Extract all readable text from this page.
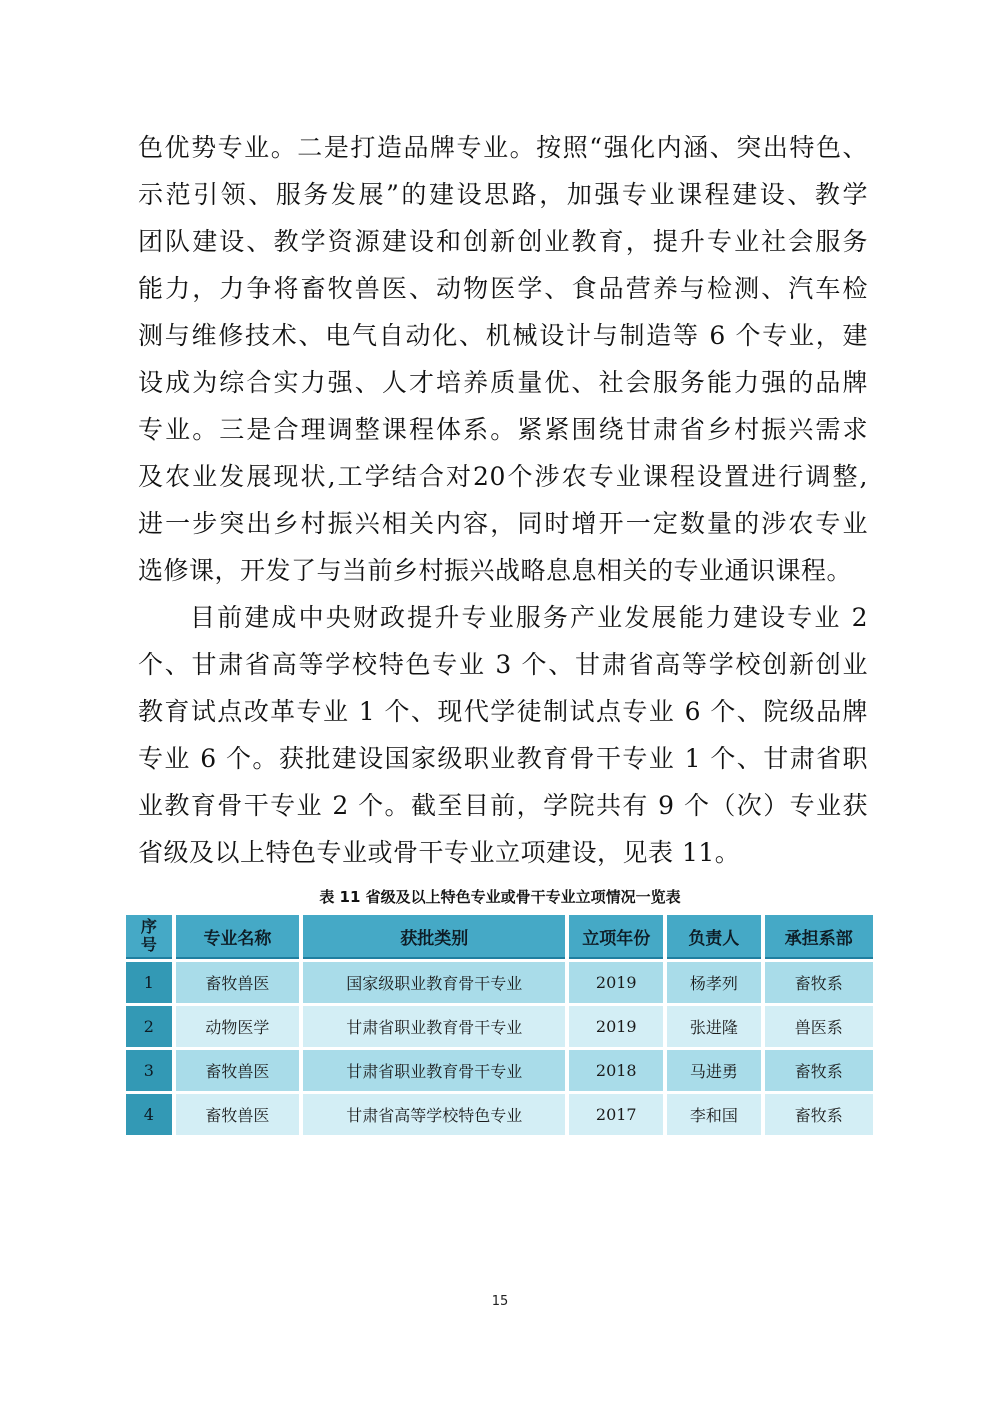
色优势专业。二是打造品牌专业。按照“强化内涵、突出特色、
示范引领、服务发展”的建设思路，加强专业课程建设、教学
团队建设、教学资源建设和创新创业教育，提升专业社会服务
能力，力争将畜牧兽医、动物医学、食品营养与检测、汽车检
测与维修技术、电气自动化、机械设计与制造等 6 个专业，建
设成为综合实力强、人才培养质量优、社会服务能力强的品牌
专业。三是合理调整课程体系。紧紧围绕甘肃省乡村振兴需求
及农业发展现状,工学结合对20个涉农专业课程设置进行调整,
进一步突出乡村振兴相关内容，同时增开一定数量的涉农专业
选修课，开发了与当前乡村振兴战略息息相关的专业通识课程。
目前建成中央财政提升专业服务产业发展能力建设专业 2
个、甘肃省高等学校特色专业 3 个、甘肃省高等学校创新创业
教育试点改革专业 1 个、现代学徒制试点专业 6 个、院级品牌
专业 6 个。获批建设国家级职业教育骨干专业 1 个、甘肃省职
业教育骨干专业 2 个。截至目前，学院共有 9 个（次）专业获
省级及以上特色专业或骨干专业立项建设，见表 11。
表 11 省级及以上特色专业或骨干专业立项情况一览表
序
号	专业名称	获批类别	立项年份	负责人	承担系部
1	畜牧兽医	国家级职业教育骨干专业	2019	杨孝列	畜牧系
2	动物医学	甘肃省职业教育骨干专业	2019	张进隆	兽医系
3	畜牧兽医	甘肃省职业教育骨干专业	2018	马进勇	畜牧系
4	畜牧兽医	甘肃省高等学校特色专业	2017	李和国	畜牧系
15
